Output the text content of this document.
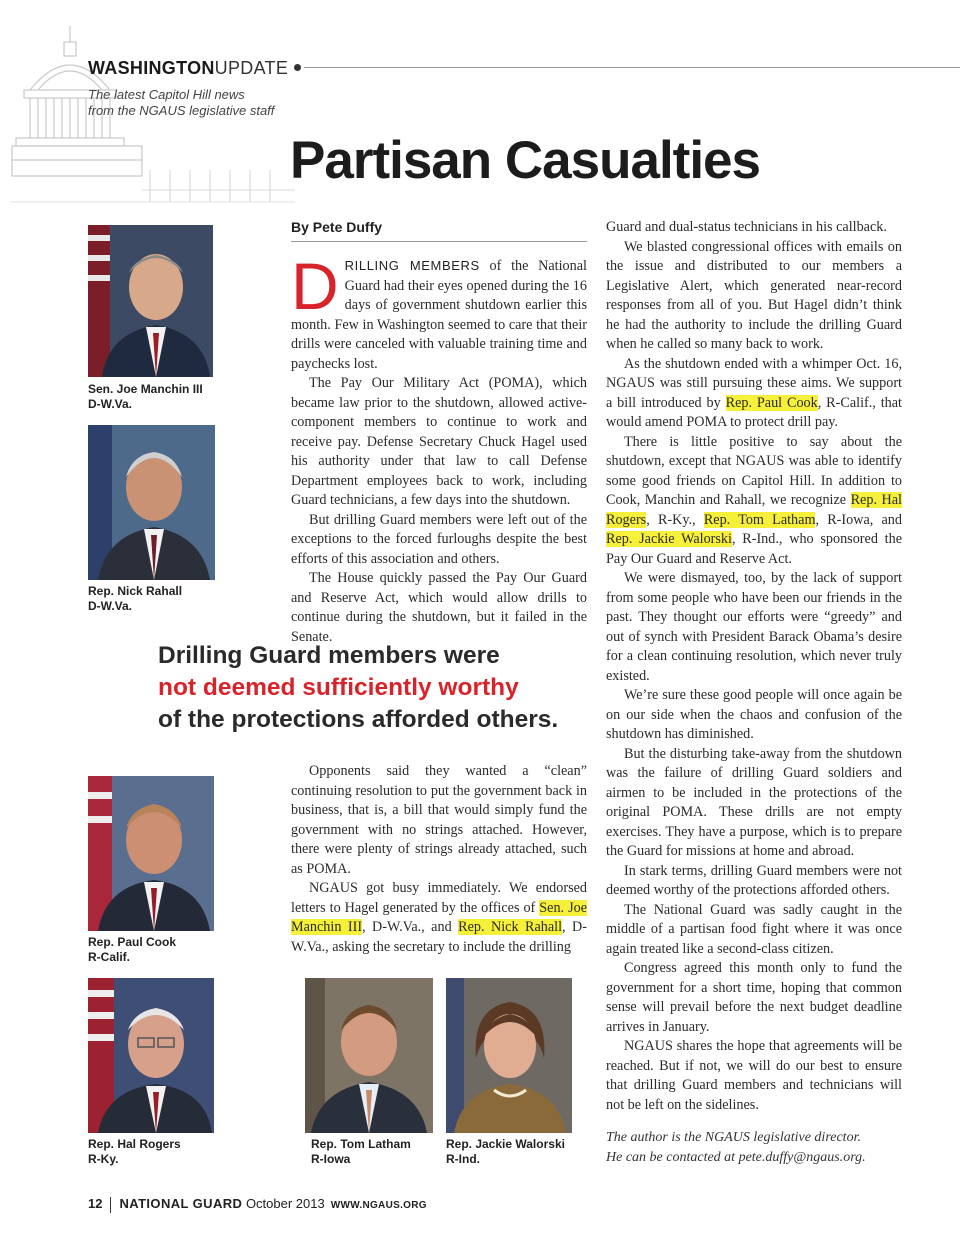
WASHINGTONUPDATE
The latest Capitol Hill news
from the NGAUS legislative staff
Partisan Casualties
By Pete Duffy

DRILLING MEMBERS of the National Guard had their eyes opened during the 16 days of government shutdown earlier this month. Few in Washington seemed to care that their drills were canceled with valuable training time and paychecks lost.

The Pay Our Military Act (POMA), which became law prior to the shutdown, allowed active-component members to continue to work and receive pay. Defense Secretary Chuck Hagel used his authority under that law to call Defense Department employees back to work, including Guard technicians, a few days into the shutdown.

But drilling Guard members were left out of the exceptions to the forced furloughs despite the best efforts of this association and others.

The House quickly passed the Pay Our Guard and Reserve Act, which would allow drills to continue during the shutdown, but it failed in the Senate.

Drilling Guard members were
not deemed sufficiently worthy
of the protections afforded others.

Opponents said they wanted a “clean” continuing resolution to put the government back in business, that is, a bill that would simply fund the government with no strings attached. However, there were plenty of strings already attached, such as POMA.

NGAUS got busy immediately. We endorsed letters to Hagel generated by the offices of Sen. Joe Manchin III, D-W.Va., and Rep. Nick Rahall, D-W.Va., asking the secretary to include the drilling

Guard and dual-status technicians in his callback.

We blasted congressional offices with emails on the issue and distributed to our members a Legislative Alert, which generated near-record responses from all of you. But Hagel didn’t think he had the authority to include the drilling Guard when he called so many back to work.

As the shutdown ended with a whimper Oct. 16, NGAUS was still pursuing these aims. We support a bill introduced by Rep. Paul Cook, R-Calif., that would amend POMA to protect drill pay.

There is little positive to say about the shutdown, except that NGAUS was able to identify some good friends on Capitol Hill. In addition to Cook, Manchin and Rahall, we recognize Rep. Hal Rogers, R-Ky., Rep. Tom Latham, R-Iowa, and Rep. Jackie Walorski, R-Ind., who sponsored the Pay Our Guard and Reserve Act.

We were dismayed, too, by the lack of support from some people who have been our friends in the past. They thought our efforts were “greedy” and out of synch with President Barack Obama’s desire for a clean continuing resolution, which never truly existed.

We’re sure these good people will once again be on our side when the chaos and confusion of the shutdown has diminished.

But the disturbing take-away from the shutdown was the failure of drilling Guard soldiers and airmen to be included in the protections of the original POMA. These drills are not empty exercises. They have a purpose, which is to prepare the Guard for missions at home and abroad.

In stark terms, drilling Guard members were not deemed worthy of the protections afforded others.

The National Guard was sadly caught in the middle of a partisan food fight where it was once again treated like a second-class citizen.

Congress agreed this month only to fund the government for a short time, hoping that common sense will prevail before the next budget deadline arrives in January.

NGAUS shares the hope that agreements will be reached. But if not, we will do our best to ensure that drilling Guard members and technicians will not be left on the sidelines.

The author is the NGAUS legislative director.
He can be contacted at pete.duffy@ngaus.org.
Sen. Joe Manchin III
D-W.Va.
Rep. Nick Rahall
D-W.Va.
Rep. Paul Cook
R-Calif.
Rep. Hal Rogers
R-Ky.
Rep. Tom Latham
R-Iowa
Rep. Jackie Walorski
R-Ind.
12 NATIONAL GUARD October 2013 WWW.NGAUS.ORG
